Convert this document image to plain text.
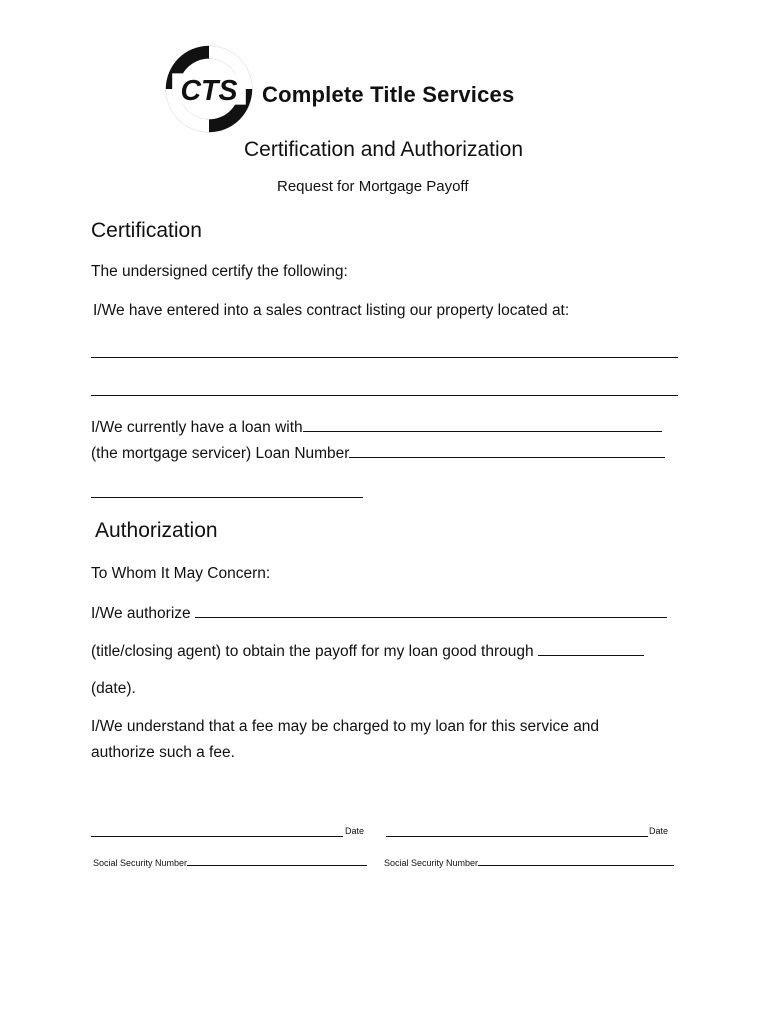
CTS Complete Title Services
Certification and Authorization
Request for Mortgage Payoff
Certification
The undersigned certify the following:
I/We have entered into a sales contract listing our property located at:
I/We currently have a loan with
(the mortgage servicer) Loan Number
Authorization
To Whom It May Concern:
I/We authorize
(title/closing agent) to obtain the payoff for my loan good through
(date).
I/We understand that a fee may be charged to my loan for this service and
authorize such a fee.
Date	Date
Social Security Number	Social Security Number
